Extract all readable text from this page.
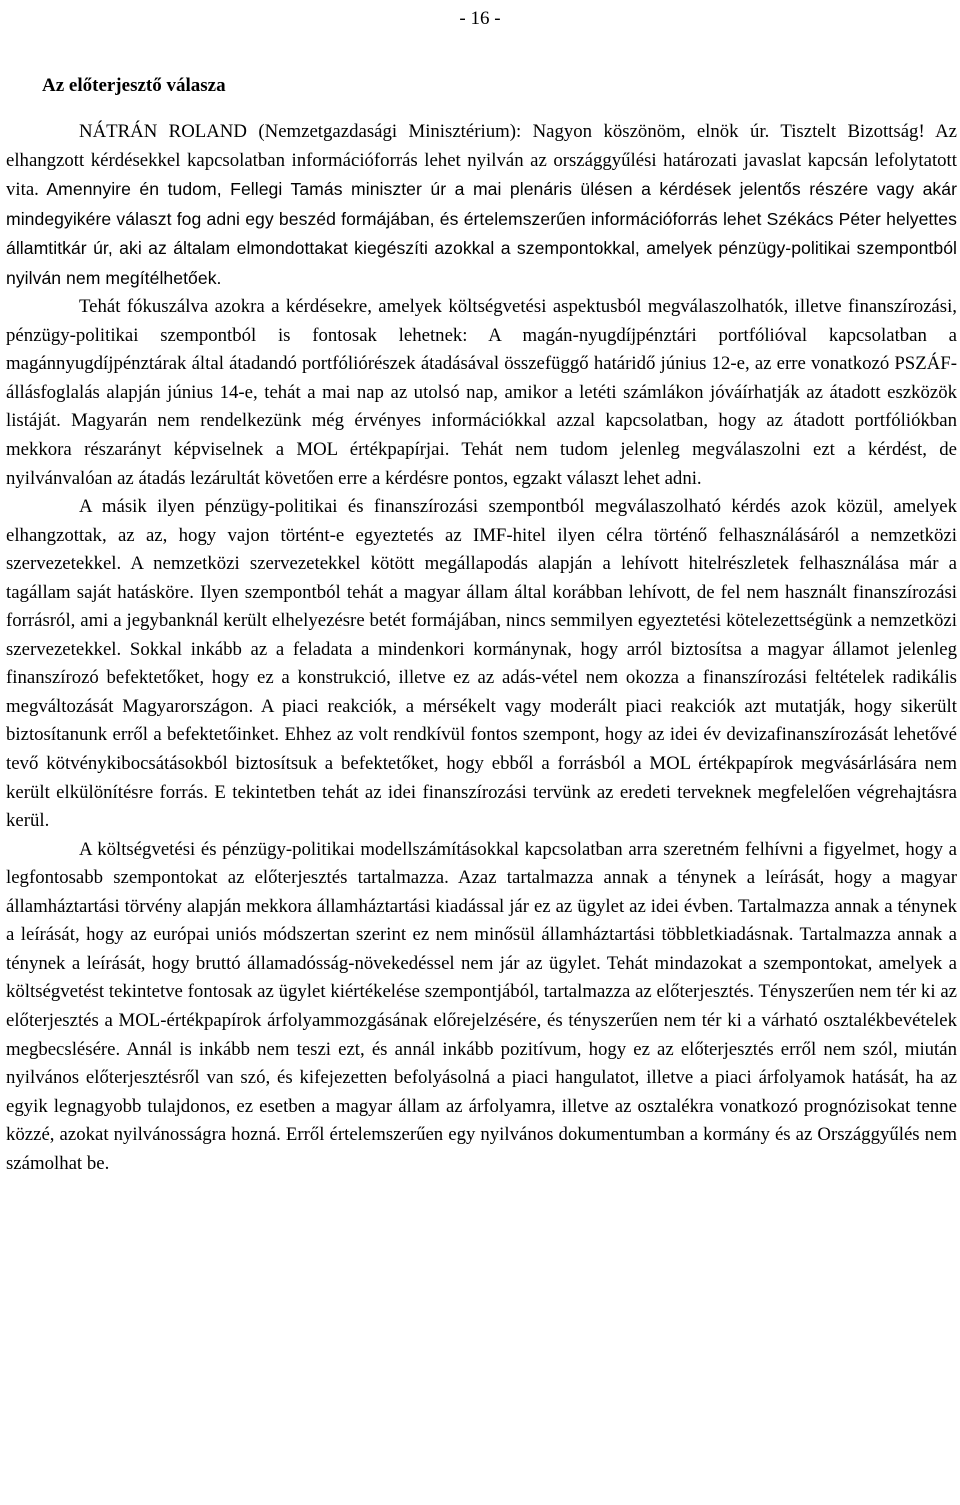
- 16 -
Az előterjesztő válasza

NÁTRÁN ROLAND (Nemzetgazdasági Minisztérium): Nagyon köszönöm, elnök úr. Tisztelt Bizottság! Az elhangzott kérdésekkel kapcsolatban információforrás lehet nyilván az országgyűlési határozati javaslat kapcsán lefolytatott vita. Amennyire én tudom, Fellegi Tamás miniszter úr a mai plenáris ülésen a kérdések jelentős részére vagy akár mindegyikére választ fog adni egy beszéd formájában, és értelemszerűen információforrás lehet Székács Péter helyettes államtitkár úr, aki az általam elmondottakat kiegészíti azokkal a szempontokkal, amelyek pénzügy-politikai szempontból nyilván nem megítélhetőek.

Tehát fókuszálva azokra a kérdésekre, amelyek költségvetési aspektusból megválaszolhatók, illetve finanszírozási, pénzügy-politikai szempontból is fontosak lehetnek: A magán-nyugdíjpénztári portfólióval kapcsolatban a magánnyugdíjpénztárak által átadandó portfóliórészek átadásával összefüggő határidő június 12-e, az erre vonatkozó PSZÁF-állásfoglalás alapján június 14-e, tehát a mai nap az utolsó nap, amikor a letéti számlákon jóváírhatják az átadott eszközök listáját. Magyarán nem rendelkezünk még érvényes információkkal azzal kapcsolatban, hogy az átadott portfóliókban mekkora részarányt képviselnek a MOL értékpapírjai. Tehát nem tudom jelenleg megválaszolni ezt a kérdést, de nyilvánvalóan az átadás lezárultát követően erre a kérdésre pontos, egzakt választ lehet adni.

A másik ilyen pénzügy-politikai és finanszírozási szempontból megválaszolható kérdés azok közül, amelyek elhangzottak, az az, hogy vajon történt-e egyeztetés az IMF-hitel ilyen célra történő felhasználásáról a nemzetközi szervezetekkel. A nemzetközi szervezetekkel kötött megállapodás alapján a lehívott hitelrészletek felhasználása már a tagállam saját hatásköre. Ilyen szempontból tehát a magyar állam által korábban lehívott, de fel nem használt finanszírozási forrásról, ami a jegybanknál került elhelyezésre betét formájában, nincs semmilyen egyeztetési kötelezettségünk a nemzetközi szervezetekkel. Sokkal inkább az a feladata a mindenkori kormánynak, hogy arról biztosítsa a magyar államot jelenleg finanszírozó befektetőket, hogy ez a konstrukció, illetve ez az adás-vétel nem okozza a finanszírozási feltételek radikális megváltozását Magyarországon. A piaci reakciók, a mérsékelt vagy moderált piaci reakciók azt mutatják, hogy sikerült biztosítanunk erről a befektetőinket. Ehhez az volt rendkívül fontos szempont, hogy az idei év devizafinanszírozását lehetővé tevő kötvénykibocsátásokból biztosítsuk a befektetőket, hogy ebből a forrásból a MOL értékpapírok megvásárlására nem került elkülönítésre forrás. E tekintetben tehát az idei finanszírozási tervünk az eredeti terveknek megfelelően végrehajtásra kerül.

A költségvetési és pénzügy-politikai modellszámításokkal kapcsolatban arra szeretném felhívni a figyelmet, hogy a legfontosabb szempontokat az előterjesztés tartalmazza. Azaz tartalmazza annak a ténynek a leírását, hogy a magyar államháztartási törvény alapján mekkora államháztartási kiadással jár ez az ügylet az idei évben. Tartalmazza annak a ténynek a leírását, hogy az európai uniós módszertan szerint ez nem minősül államháztartási többletkiadásnak. Tartalmazza annak a ténynek a leírását, hogy bruttó államadósság-növekedéssel nem jár az ügylet. Tehát mindazokat a szempontokat, amelyek a költségvetést tekintetve fontosak az ügylet kiértékelése szempontjából, tartalmazza az előterjesztés. Tényszerűen nem tér ki az előterjesztés a MOL-értékpapírok árfolyammozgásának előrejelzésére, és tényszerűen nem tér ki a várható osztalékbevételek megbecslésére. Annál is inkább nem teszi ezt, és annál inkább pozitívum, hogy ez az előterjesztés erről nem szól, miután nyilvános előterjesztésről van szó, és kifejezetten befolyásolná a piaci hangulatot, illetve a piaci árfolyamok hatását, ha az egyik legnagyobb tulajdonos, ez esetben a magyar állam az árfolyamra, illetve az osztalékra vonatkozó prognózisokat tenne közzé, azokat nyilvánosságra hozná. Erről értelemszerűen egy nyilvános dokumentumban a kormány és az Országgyűlés nem számolhat be.
